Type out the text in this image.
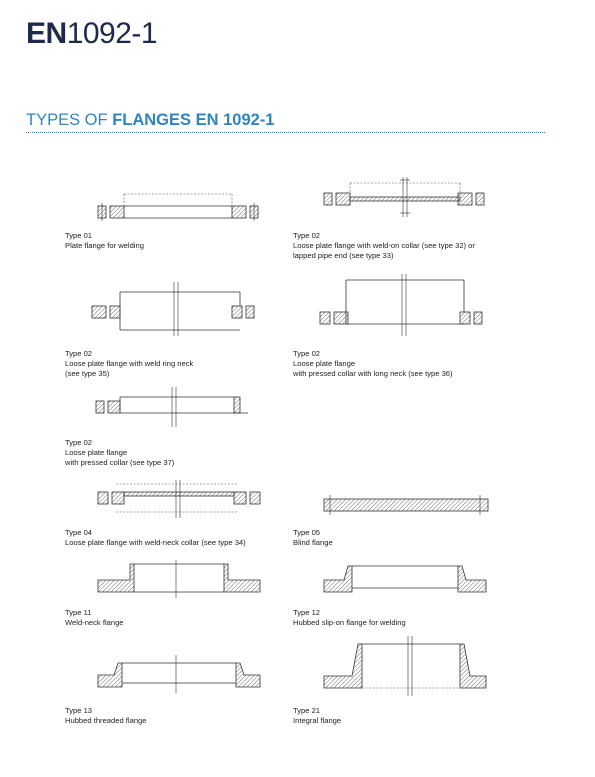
EN1092-1
TYPES OF FLANGES EN 1092-1
Type 01
Plate flange for welding
Type 02
Loose plate flange with weld-on collar (see type 32) or
lapped pipe end (see type 33)
Type 02
Loose plate flange with weld ring neck
(see type 35)
Type 02
Loose plate flange
with pressed collar with long neck (see type 36)
Type 02
Loose plate flange
with pressed collar (see type 37)
Type 04
Loose plate flange with weld-neck collar (see type 34)
Type 05
Blind flange
Type 11
Weld-neck flange
Type 12
Hubbed slip-on flange for welding
Type 13
Hubbed threaded flange
Type 21
Integral flange
